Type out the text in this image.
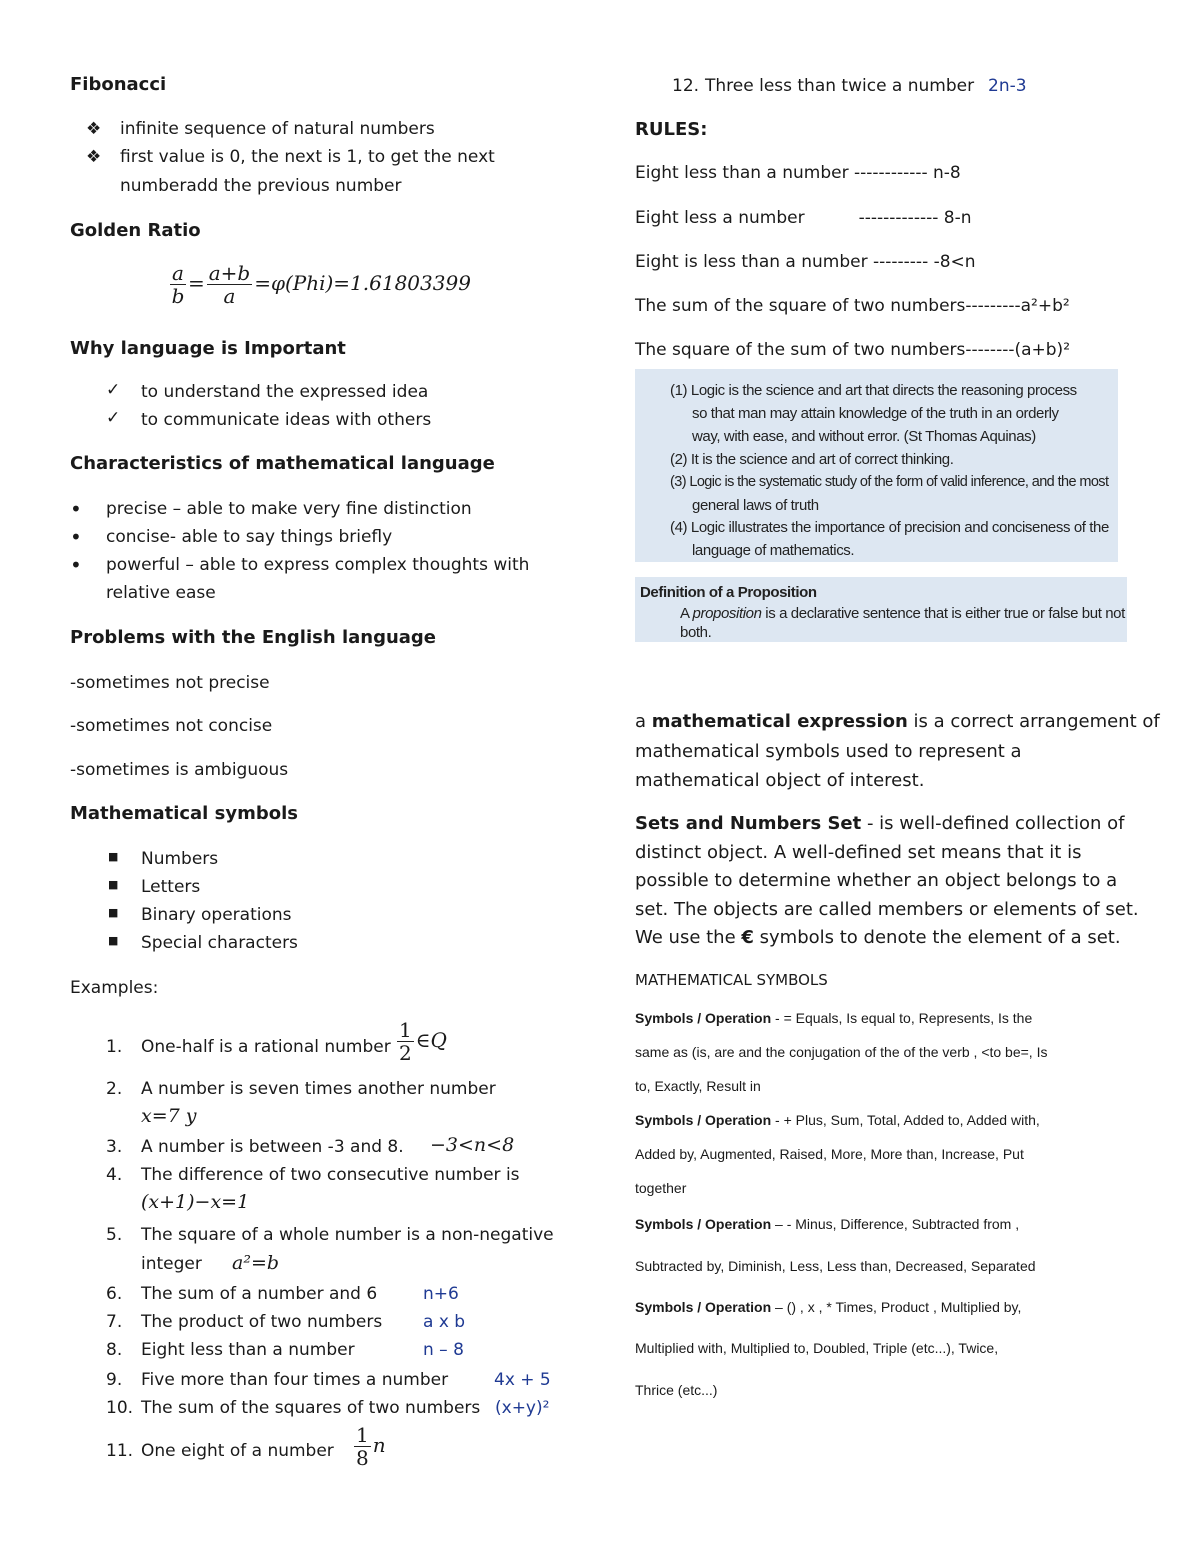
Fibonacci
❖ infinite sequence of natural numbers
❖ first value is 0, the next is 1, to get the next
numberadd the previous number
Golden Ratio
$\frac{a}{b} = \frac{a+b}{a} =\varphi(Phi)=1.61803399$
Why language is Important
✓ to understand the expressed idea
✓ to communicate ideas with others
Characteristics of mathematical language
• precise – able to make very fine distinction
• concise- able to say things briefly
• powerful – able to express complex thoughts with
relative ease
Problems with the English language
-sometimes not precise
-sometimes not concise
-sometimes is ambiguous
Mathematical symbols
■ Numbers
■ Letters
■ Binary operations
■ Special characters
Examples:
1. One-half is a rational number $\frac{1}{2}$ ∈Q
2. A number is seven times another number
x=7 y
3. A number is between -3 and 8. −3<n<8
4. The difference of two consecutive number is
(x+1)−x=1
5. The square of a whole number is a non-negative
integer a²=b
6. The sum of a number and 6	n+6
7. The product of two numbers a x b
8. Eight less than a number	n – 8
9. Five more than four times a number	4x + 5
10. The sum of the squares of two numbers (x+y)²
11. One eight of a number $\frac{1}{8}$ n
12. Three less than twice a number 2n-3
RULES:
Eight less than a number ------------ n-8
Eight less a number          ------------- 8-n
Eight is less than a number --------- -8<n
The sum of the square of two numbers---------a²+b²
The square of the sum of two numbers--------(a+b)²
(1) Logic is the science and art that directs the reasoning process
so that man may attain knowledge of the truth in an orderly
way, with ease, and without error. (St Thomas Aquinas)
(2) It is the science and art of correct thinking.
(3) Logic is the systematic study of the form of valid inference, and the most
general laws of truth
(4) Logic illustrates the importance of precision and conciseness of the
language of mathematics.
Definition of a Proposition
A proposition is a declarative sentence that is either true or false but not
both.
a mathematical expression is a correct arrangement of
mathematical symbols used to represent a
mathematical object of interest.
Sets and Numbers Set - is well-defined collection of
distinct object. A well-defined set means that it is
possible to determine whether an object belongs to a
set. The objects are called members or elements of set.
We use the € symbols to denote the element of a set.
MATHEMATICAL SYMBOLS
Symbols / Operation - = Equals, Is equal to, Represents, Is the
same as (is, are and the conjugation of the of the verb , <to be=, Is
to, Exactly, Result in
Symbols / Operation - + Plus, Sum, Total, Added to, Added with,
Added by, Augmented, Raised, More, More than, Increase, Put
together
Symbols / Operation – - Minus, Difference, Subtracted from ,
Subtracted by, Diminish, Less, Less than, Decreased, Separated
Symbols / Operation – () , x , * Times, Product , Multiplied by,
Multiplied with, Multiplied to, Doubled, Triple (etc...), Twice,
Thrice (etc...)
